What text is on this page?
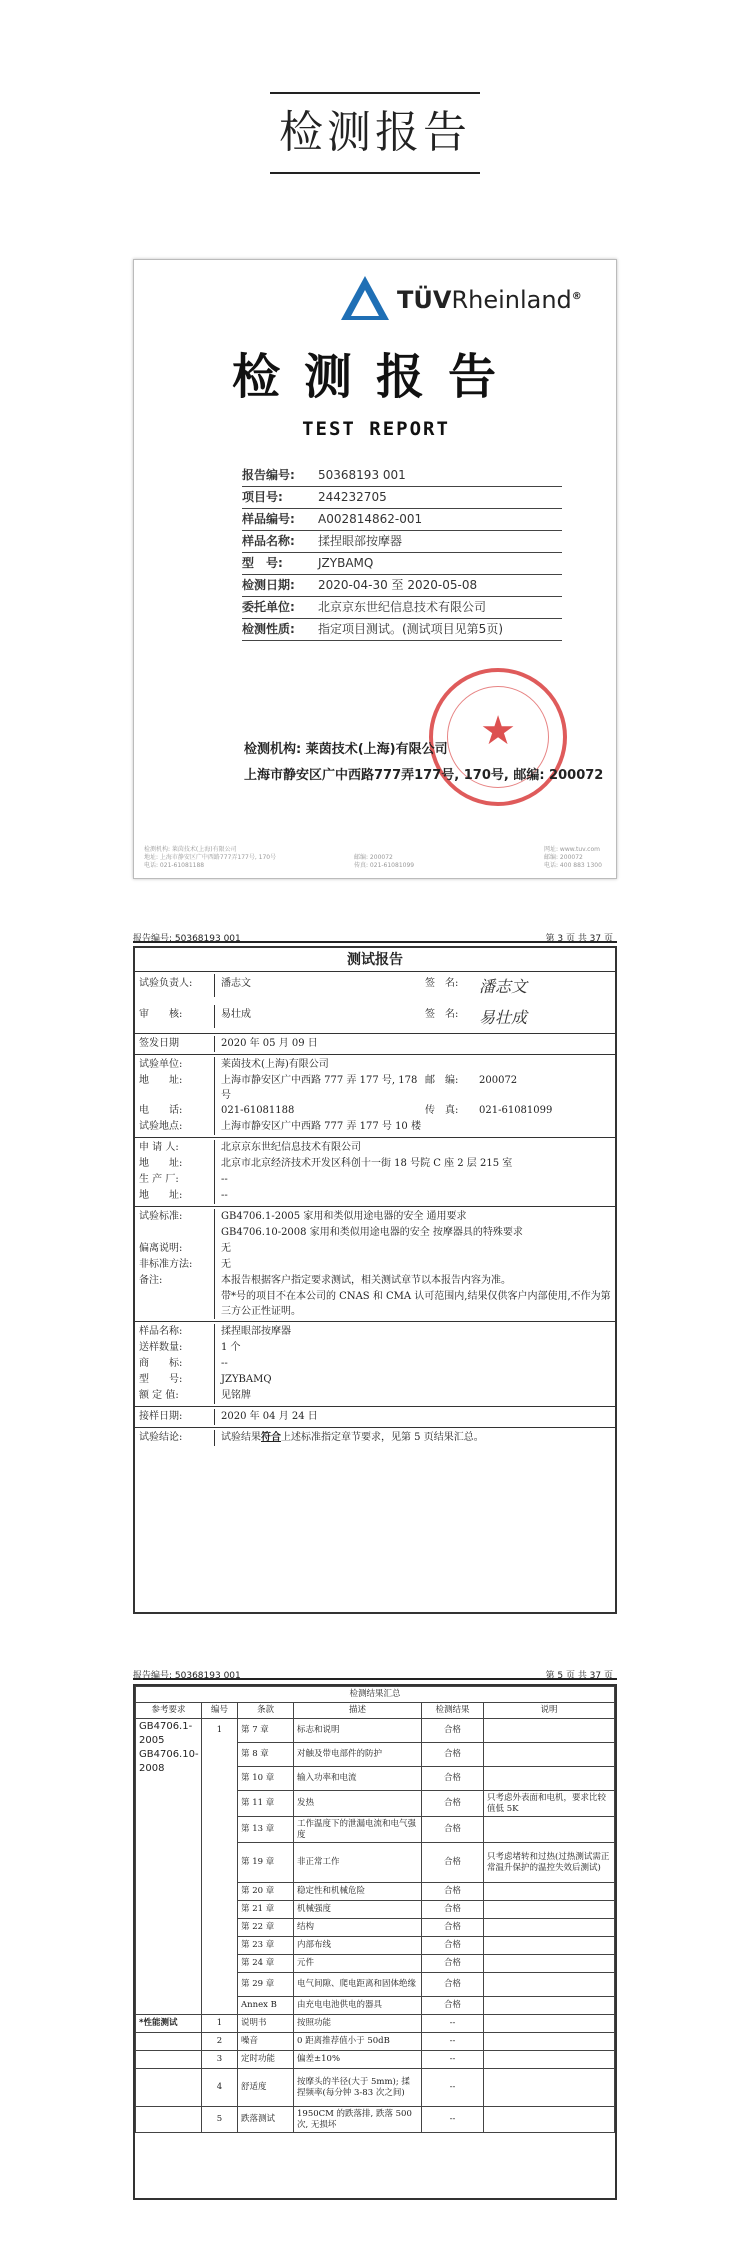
检测报告
TÜVRheinland®
检测报告
TEST REPORT
报告编号: 50368193 001
项目号:	244232705
样品编号: A002814862-001
样品名称: 揉捏眼部按摩器
型　号:	JZYBAMQ
检测日期: 2020-04-30 至 2020-05-08
委托单位: 北京京东世纪信息技术有限公司
检测性质: 指定项目测试。(测试项目见第5页)
★
检测机构: 莱茵技术(上海)有限公司
上海市静安区广中西路777弄177号, 170号, 邮编: 200072
检测机构: 莱茵技术(上海)有限公司
地址: 上海市静安区广中西路777弄177号, 170号
电话: 021-61081188

邮编: 200072
传真: 021-61081099
网址: www.tuv.com
邮编: 200072
电话: 400 883 1300
报告编号: 50368193 001	第 3 页 共 37 页
测试报告
试验负责人:	潘志文	签　名:	潘志文
审　　核:	易壮成	签　名:	易壮成
签发日期	2020 年 05 月 09 日
试验单位:	莱茵技术(上海)有限公司
地　　址:	上海市静安区广中西路 777 弄 177 号, 178 号
邮　编:	200072
电　　话:	021-61081188	传　真:	021-61081099
试验地点:	上海市静安区广中西路 777 弄 177 号 10 楼
申 请 人:	北京京东世纪信息技术有限公司
地　　址:	北京市北京经济技术开发区科创十一街 18 号院 C 座 2 层 215 室
生 产 厂:	--
地　　址:	--
试验标准:	GB4706.1-2005 家用和类似用途电器的安全 通用要求
GB4706.10-2008 家用和类似用途电器的安全 按摩器具的特殊要求
偏离说明:	无
非标准方法:	无
备注:	本报告根据客户指定要求测试，相关测试章节以本报告内容为准。
带*号的项目不在本公司的 CNAS 和 CMA 认可范围内,结果仅供客户内部使用,不作为第三方公正性证明。
样品名称:	揉捏眼部按摩器
送样数量:	1 个
商　　标:	--
型　　号:	JZYBAMQ
额 定 值:	见铭牌
接样日期:	2020 年 04 月 24 日
试验结论:	试验结果符合上述标准指定章节要求，见第 5 页结果汇总。
报告编号: 50368193 001	第 5 页 共 37 页
检测结果汇总					
参考要求	编号	条款	描述	检测结果	说明
GB4706.1-2005 GB4706.10-2008	1	第 7 章	标志和说明	合格	
		第 8 章	对触及带电部件的防护	合格	
		第 10 章	输入功率和电流	合格	
		第 11 章	发热	合格	只考虑外表面和电机，要求比较值低 5K
		第 13 章	工作温度下的泄漏电流和电气强度	合格	
		第 19 章	非正常工作	合格	只考虑堵转和过热(过热测试需正常温升保护的温控失效后测试)
		第 20 章	稳定性和机械危险	合格	
		第 21 章	机械强度	合格	
		第 22 章	结构	合格	
		第 23 章	内部布线	合格	
		第 24 章	元件	合格	
		第 29 章	电气间隙、爬电距离和固体绝缘	合格	
		Annex B	由充电电池供电的器具	合格	
*性能测试	1	说明书	按照功能	--	
	2	噪音	0 距离推荐值小于 50dB	--	
	3	定时功能	偏差±10%	--	
	4	舒适度	按摩头的半径(大于 5mm); 揉捏频率(每分钟 3-83 次之间)	--	
	5	跌落测试	1950CM 的跌落排, 跌落 500 次, 无损坏	--	
